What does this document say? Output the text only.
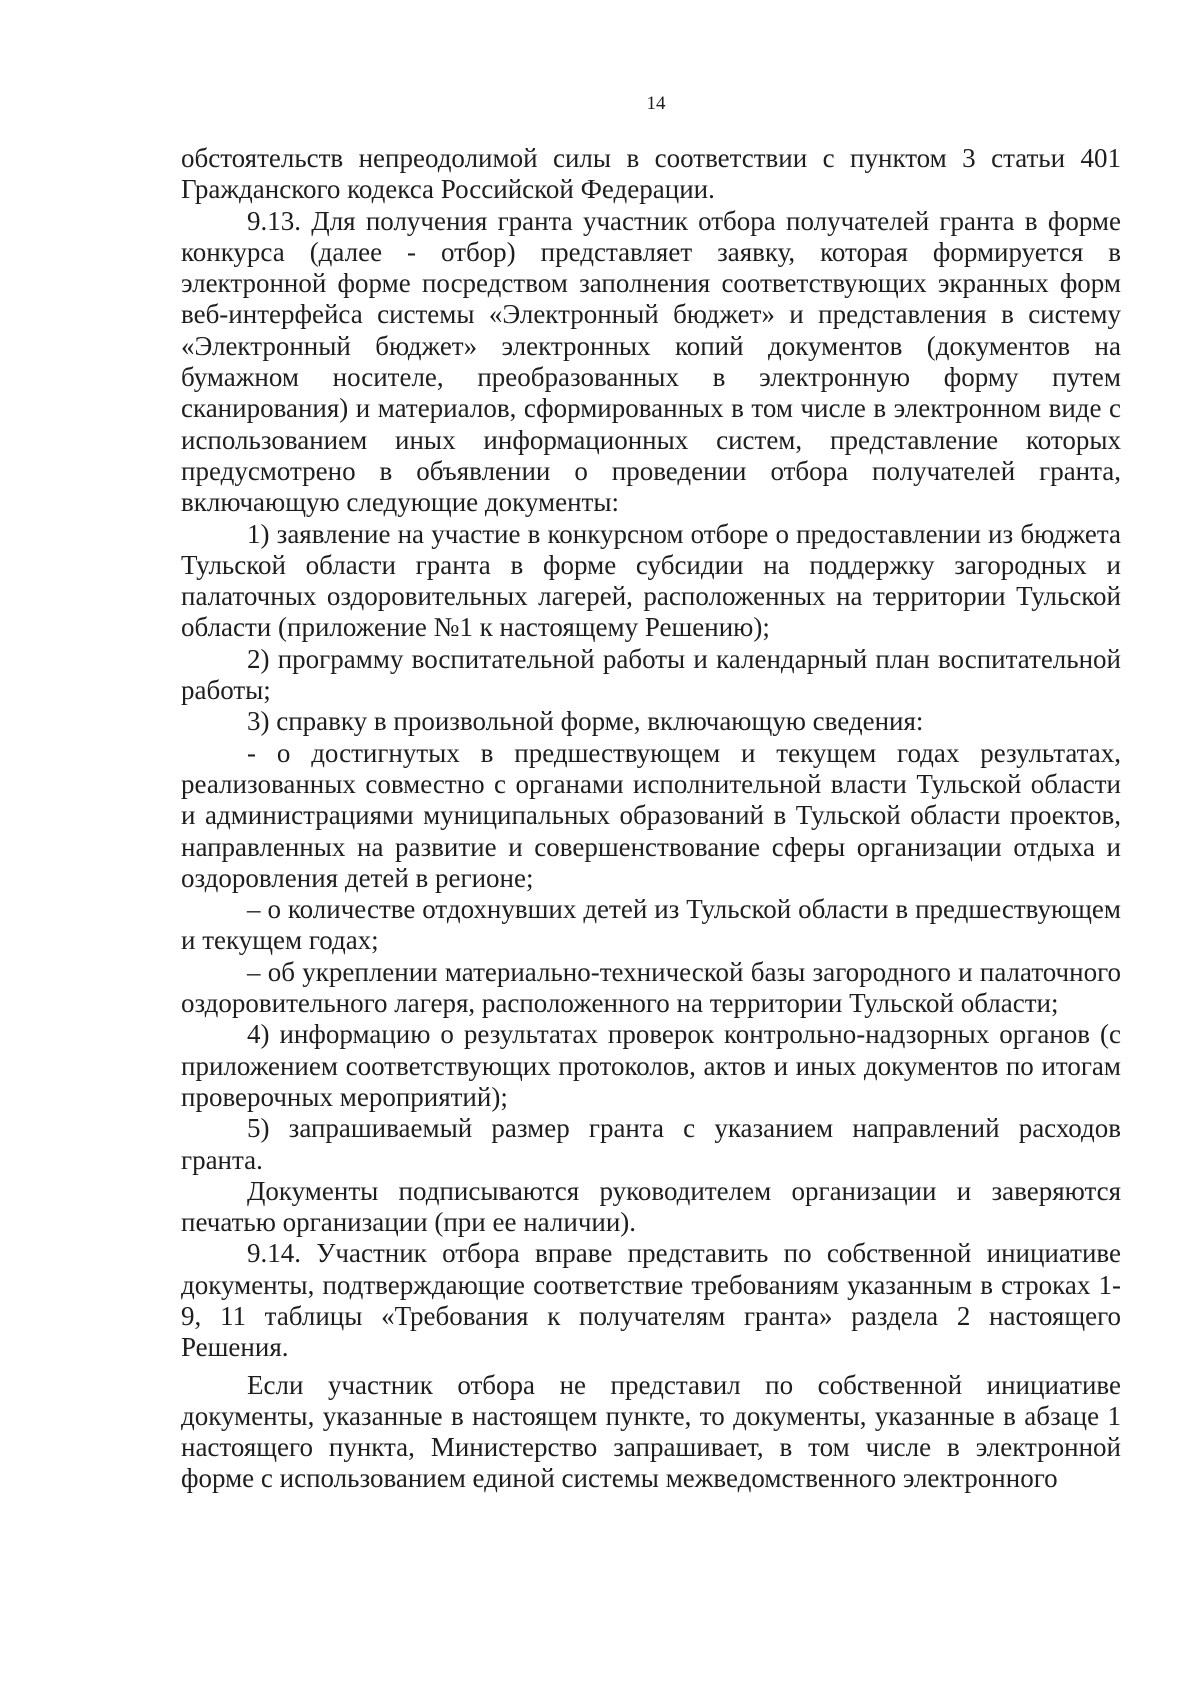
14

обстоятельств непреодолимой силы в соответствии с пунктом 3 статьи 401 Гражданского кодекса Российской Федерации.

9.13. Для получения гранта участник отбора получателей гранта в форме конкурса (далее - отбор) представляет заявку, которая формируется в электронной форме посредством заполнения соответствующих экранных форм веб-интерфейса системы «Электронный бюджет» и представления в систему «Электронный бюджет» электронных копий документов (документов на бумажном носителе, преобразованных в электронную форму путем сканирования) и материалов, сформированных в том числе в электронном виде с использованием иных информационных систем, представление которых предусмотрено в объявлении о проведении отбора получателей гранта, включающую следующие документы:

1) заявление на участие в конкурсном отборе о предоставлении из бюджета Тульской области гранта в форме субсидии на поддержку загородных и палаточных оздоровительных лагерей, расположенных на территории Тульской области (приложение №1 к настоящему Решению);

2) программу воспитательной работы и календарный план воспитательной работы;

3) справку в произвольной форме, включающую сведения:

- о достигнутых в предшествующем и текущем годах результатах, реализованных совместно с органами исполнительной власти Тульской области и администрациями муниципальных образований в Тульской области проектов, направленных на развитие и совершенствование сферы организации отдыха и оздоровления детей в регионе;

– о количестве отдохнувших детей из Тульской области в предшествующем и текущем годах;

– об укреплении материально-технической базы загородного и палаточного оздоровительного лагеря, расположенного на территории Тульской области;

4) информацию о результатах проверок контрольно-надзорных органов (с приложением соответствующих протоколов, актов и иных документов по итогам проверочных мероприятий);

5) запрашиваемый размер гранта с указанием направлений расходов гранта.

Документы подписываются руководителем организации и заверяются печатью организации (при ее наличии).

9.14. Участник отбора вправе представить по собственной инициативе документы, подтверждающие соответствие требованиям указанным в строках 1-9, 11 таблицы «Требования к получателям гранта» раздела 2 настоящего Решения.

Если участник отбора не представил по собственной инициативе документы, указанные в настоящем пункте, то документы, указанные в абзаце 1 настоящего пункта, Министерство запрашивает, в том числе в электронной форме с использованием единой системы межведомственного электронного
